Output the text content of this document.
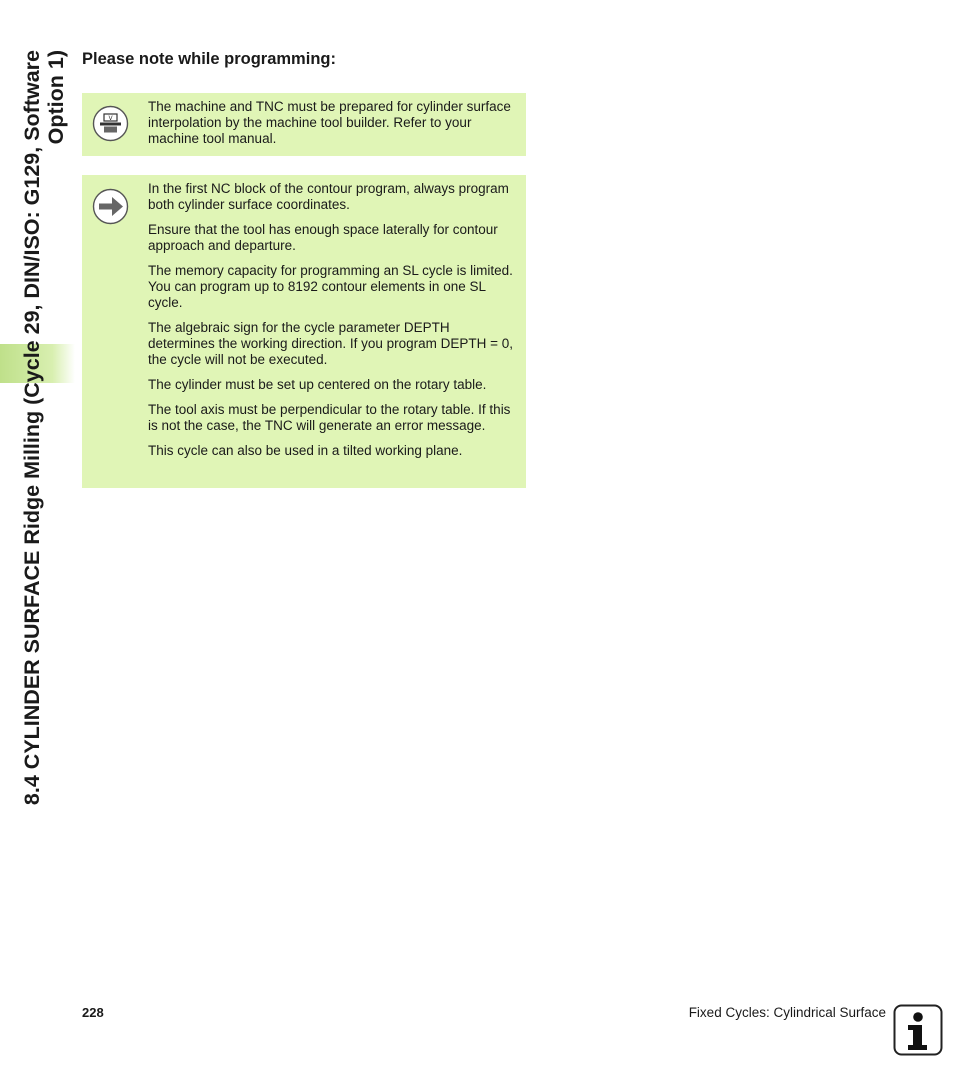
8.4 CYLINDER SURFACE Ridge Milling (Cycle 29, DIN/ISO: G129, Software
Option 1) Please note while programming:
V

The machine and TNC must be prepared for cylinder surface interpolation by the machine tool builder. Refer to your machine tool manual.

In the first NC block of the contour program, always program both cylinder surface coordinates.

Ensure that the tool has enough space laterally for contour approach and departure.

The memory capacity for programming an SL cycle is limited. You can program up to 8192 contour elements in one SL cycle.

The algebraic sign for the cycle parameter DEPTH determines the working direction. If you program DEPTH = 0, the cycle will not be executed.

The cylinder must be set up centered on the rotary table.

The tool axis must be perpendicular to the rotary table. If this is not the case, the TNC will generate an error message.

This cycle can also be used in a tilted working plane.

228	Fixed Cycles: Cylindrical Surface
